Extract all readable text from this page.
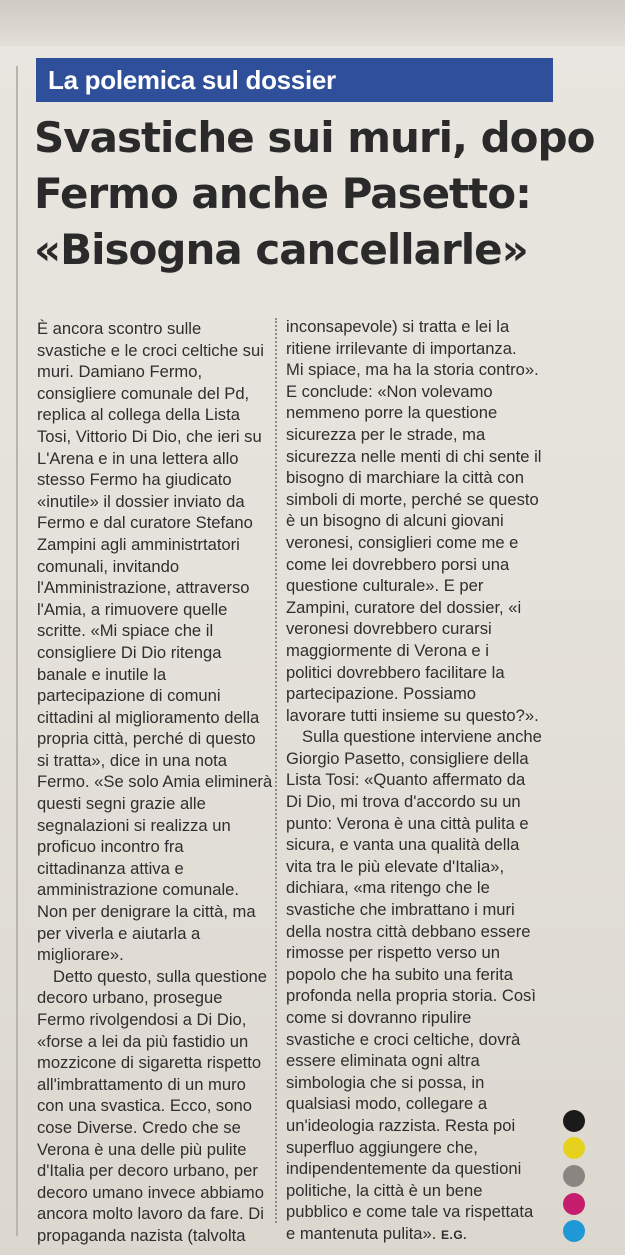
La polemica sul dossier
Svastiche sui muri, dopo
Fermo anche Pasetto:
«Bisogna cancellarle»
È ancora scontro sulle
svastiche e le croci celtiche sui
muri. Damiano Fermo,
consigliere comunale del Pd,
replica al collega della Lista
Tosi, Vittorio Di Dio, che ieri su
L'Arena e in una lettera allo
stesso Fermo ha giudicato
«inutile» il dossier inviato da
Fermo e dal curatore Stefano
Zampini agli amministrtatori
comunali, invitando
l'Amministrazione, attraverso
l'Amia, a rimuovere quelle
scritte. «Mi spiace che il
consigliere Di Dio ritenga
banale e inutile la
partecipazione di comuni
cittadini al miglioramento della
propria città, perché di questo
si tratta», dice in una nota
Fermo. «Se solo Amia eliminerà
questi segni grazie alle
segnalazioni si realizza un
proficuo incontro fra
cittadinanza attiva e
amministrazione comunale.
Non per denigrare la città, ma
per viverla e aiutarla a
migliorare».
Detto questo, sulla questione
decoro urbano, prosegue
Fermo rivolgendosi a Di Dio,
«forse a lei da più fastidio un
mozzicone di sigaretta rispetto
all'imbrattamento di un muro
con una svastica. Ecco, sono
cose Diverse. Credo che se
Verona è una delle più pulite
d'Italia per decoro urbano, per
decoro umano invece abbiamo
ancora molto lavoro da fare. Di
propaganda nazista (talvolta
inconsapevole) si tratta e lei la
ritiene irrilevante di importanza.
Mi spiace, ma ha la storia contro».
E conclude: «Non volevamo
nemmeno porre la questione
sicurezza per le strade, ma
sicurezza nelle menti di chi sente il
bisogno di marchiare la città con
simboli di morte, perché se questo
è un bisogno di alcuni giovani
veronesi, consiglieri come me e
come lei dovrebbero porsi una
questione culturale». E per
Zampini, curatore del dossier, «i
veronesi dovrebbero curarsi
maggiormente di Verona e i
politici dovrebbero facilitare la
partecipazione. Possiamo
lavorare tutti insieme su questo?».
Sulla questione interviene anche
Giorgio Pasetto, consigliere della
Lista Tosi: «Quanto affermato da
Di Dio, mi trova d'accordo su un
punto: Verona è una città pulita e
sicura, e vanta una qualità della
vita tra le più elevate d'Italia»,
dichiara, «ma ritengo che le
svastiche che imbrattano i muri
della nostra città debbano essere
rimosse per rispetto verso un
popolo che ha subito una ferita
profonda nella propria storia. Così
come si dovranno ripulire
svastiche e croci celtiche, dovrà
essere eliminata ogni altra
simbologia che si possa, in
qualsiasi modo, collegare a
un'ideologia razzista. Resta poi
superfluo aggiungere che,
indipendentemente da questioni
politiche, la città è un bene
pubblico e come tale va rispettata
e mantenuta pulita». E.G.
